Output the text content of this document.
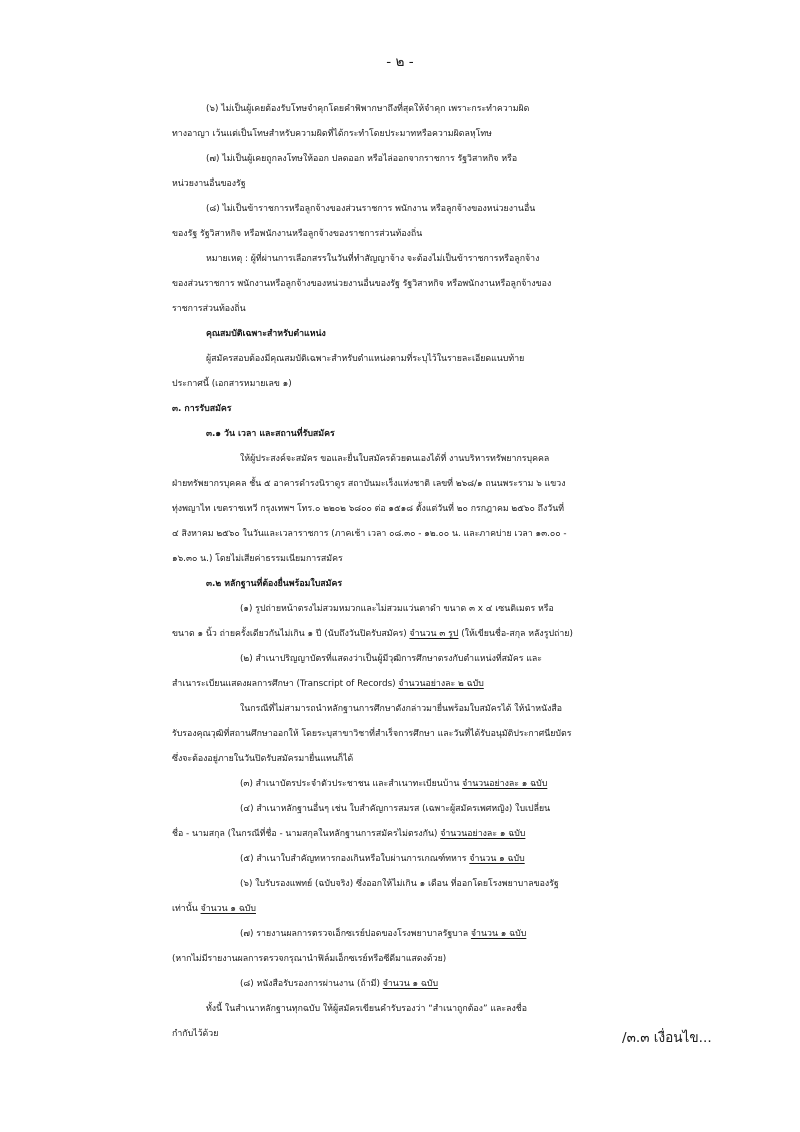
- ๒ -
(๖) ไม่เป็นผู้เคยต้องรับโทษจำคุกโดยคำพิพากษาถึงที่สุดให้จำคุก เพราะกระทำความผิด
ทางอาญา เว้นแต่เป็นโทษสำหรับความผิดที่ได้กระทำโดยประมาทหรือความผิดลหุโทษ
(๗) ไม่เป็นผู้เคยถูกลงโทษให้ออก ปลดออก หรือไล่ออกจากราชการ รัฐวิสาหกิจ หรือ
หน่วยงานอื่นของรัฐ
(๘) ไม่เป็นข้าราชการหรือลูกจ้างของส่วนราชการ พนักงาน หรือลูกจ้างของหน่วยงานอื่น
ของรัฐ รัฐวิสาหกิจ หรือพนักงานหรือลูกจ้างของราชการส่วนท้องถิ่น
หมายเหตุ : ผู้ที่ผ่านการเลือกสรรในวันที่ทำสัญญาจ้าง จะต้องไม่เป็นข้าราชการหรือลูกจ้าง
ของส่วนราชการ พนักงานหรือลูกจ้างของหน่วยงานอื่นของรัฐ รัฐวิสาหกิจ หรือพนักงานหรือลูกจ้างของ
ราชการส่วนท้องถิ่น
คุณสมบัติเฉพาะสำหรับตำแหน่ง
ผู้สมัครสอบต้องมีคุณสมบัติเฉพาะสำหรับตำแหน่งตามที่ระบุไว้ในรายละเอียดแนบท้าย
ประกาศนี้ (เอกสารหมายเลข ๑)
๓. การรับสมัคร
๓.๑ วัน เวลา และสถานที่รับสมัคร
ให้ผู้ประสงค์จะสมัคร ขอและยื่นใบสมัครด้วยตนเองได้ที่ งานบริหารทรัพยากรบุคคล
ฝ่ายทรัพยากรบุคคล ชั้น ๕ อาคารดำรงนิราดูร สถาบันมะเร็งแห่งชาติ เลขที่ ๒๖๘/๑ ถนนพระราม ๖ แขวง
ทุ่งพญาไท เขตราชเทวี กรุงเทพฯ โทร.๐ ๒๒๐๒ ๖๘๐๐ ต่อ ๑๕๑๘ ตั้งแต่วันที่ ๒๐ กรกฎาคม ๒๕๖๐ ถึงวันที่
๔ สิงหาคม ๒๕๖๐ ในวันและเวลาราชการ (ภาคเช้า เวลา ๐๘.๓๐ - ๑๒.๐๐ น. และภาคบ่าย เวลา ๑๓.๐๐ -
๑๖.๓๐ น.) โดยไม่เสียค่าธรรมเนียมการสมัคร
๓.๒ หลักฐานที่ต้องยื่นพร้อมใบสมัคร
(๑) รูปถ่ายหน้าตรงไม่สวมหมวกและไม่สวมแว่นตาดำ ขนาด ๓ x ๔ เซนติเมตร หรือ
ขนาด ๑ นิ้ว ถ่ายครั้งเดียวกันไม่เกิน ๑ ปี (นับถึงวันปิดรับสมัคร) จำนวน ๓ รูป (ให้เขียนชื่อ-สกุล หลังรูปถ่าย)
(๒) สำเนาปริญญาบัตรที่แสดงว่าเป็นผู้มีวุฒิการศึกษาตรงกับตำแหน่งที่สมัคร และ
สำเนาระเบียนแสดงผลการศึกษา (Transcript of Records) จำนวนอย่างละ ๒ ฉบับ
ในกรณีที่ไม่สามารถนำหลักฐานการศึกษาดังกล่าวมายื่นพร้อมใบสมัครได้ ให้นำหนังสือ
รับรองคุณวุฒิที่สถานศึกษาออกให้ โดยระบุสาขาวิชาที่สำเร็จการศึกษา และวันที่ได้รับอนุมัติประกาศนียบัตร
ซึ่งจะต้องอยู่ภายในวันปิดรับสมัครมายื่นแทนก็ได้
(๓) สำเนาบัตรประจำตัวประชาชน และสำเนาทะเบียนบ้าน จำนวนอย่างละ ๑ ฉบับ
(๔) สำเนาหลักฐานอื่นๆ เช่น ใบสำคัญการสมรส (เฉพาะผู้สมัครเพศหญิง) ใบเปลี่ยน
ชื่อ - นามสกุล (ในกรณีที่ชื่อ - นามสกุลในหลักฐานการสมัครไม่ตรงกัน) จำนวนอย่างละ ๑ ฉบับ
(๕) สำเนาใบสำคัญทหารกองเกินหรือใบผ่านการเกณฑ์ทหาร จำนวน ๑ ฉบับ
(๖) ใบรับรองแพทย์ (ฉบับจริง) ซึ่งออกให้ไม่เกิน ๑ เดือน ที่ออกโดยโรงพยาบาลของรัฐ
เท่านั้น จำนวน ๑ ฉบับ
(๗) รายงานผลการตรวจเอ็กซเรย์ปอดของโรงพยาบาลรัฐบาล จำนวน ๑ ฉบับ
(หากไม่มีรายงานผลการตรวจกรุณานำฟิล์มเอ็กซเรย์หรือซีดีมาแสดงด้วย)
(๘) หนังสือรับรองการผ่านงาน (ถ้ามี) จำนวน ๑ ฉบับ
ทั้งนี้ ในสำเนาหลักฐานทุกฉบับ ให้ผู้สมัครเขียนคำรับรองว่า “สำเนาถูกต้อง” และลงชื่อ
กำกับไว้ด้วย	/๓.๓ เงื่อนไข...
